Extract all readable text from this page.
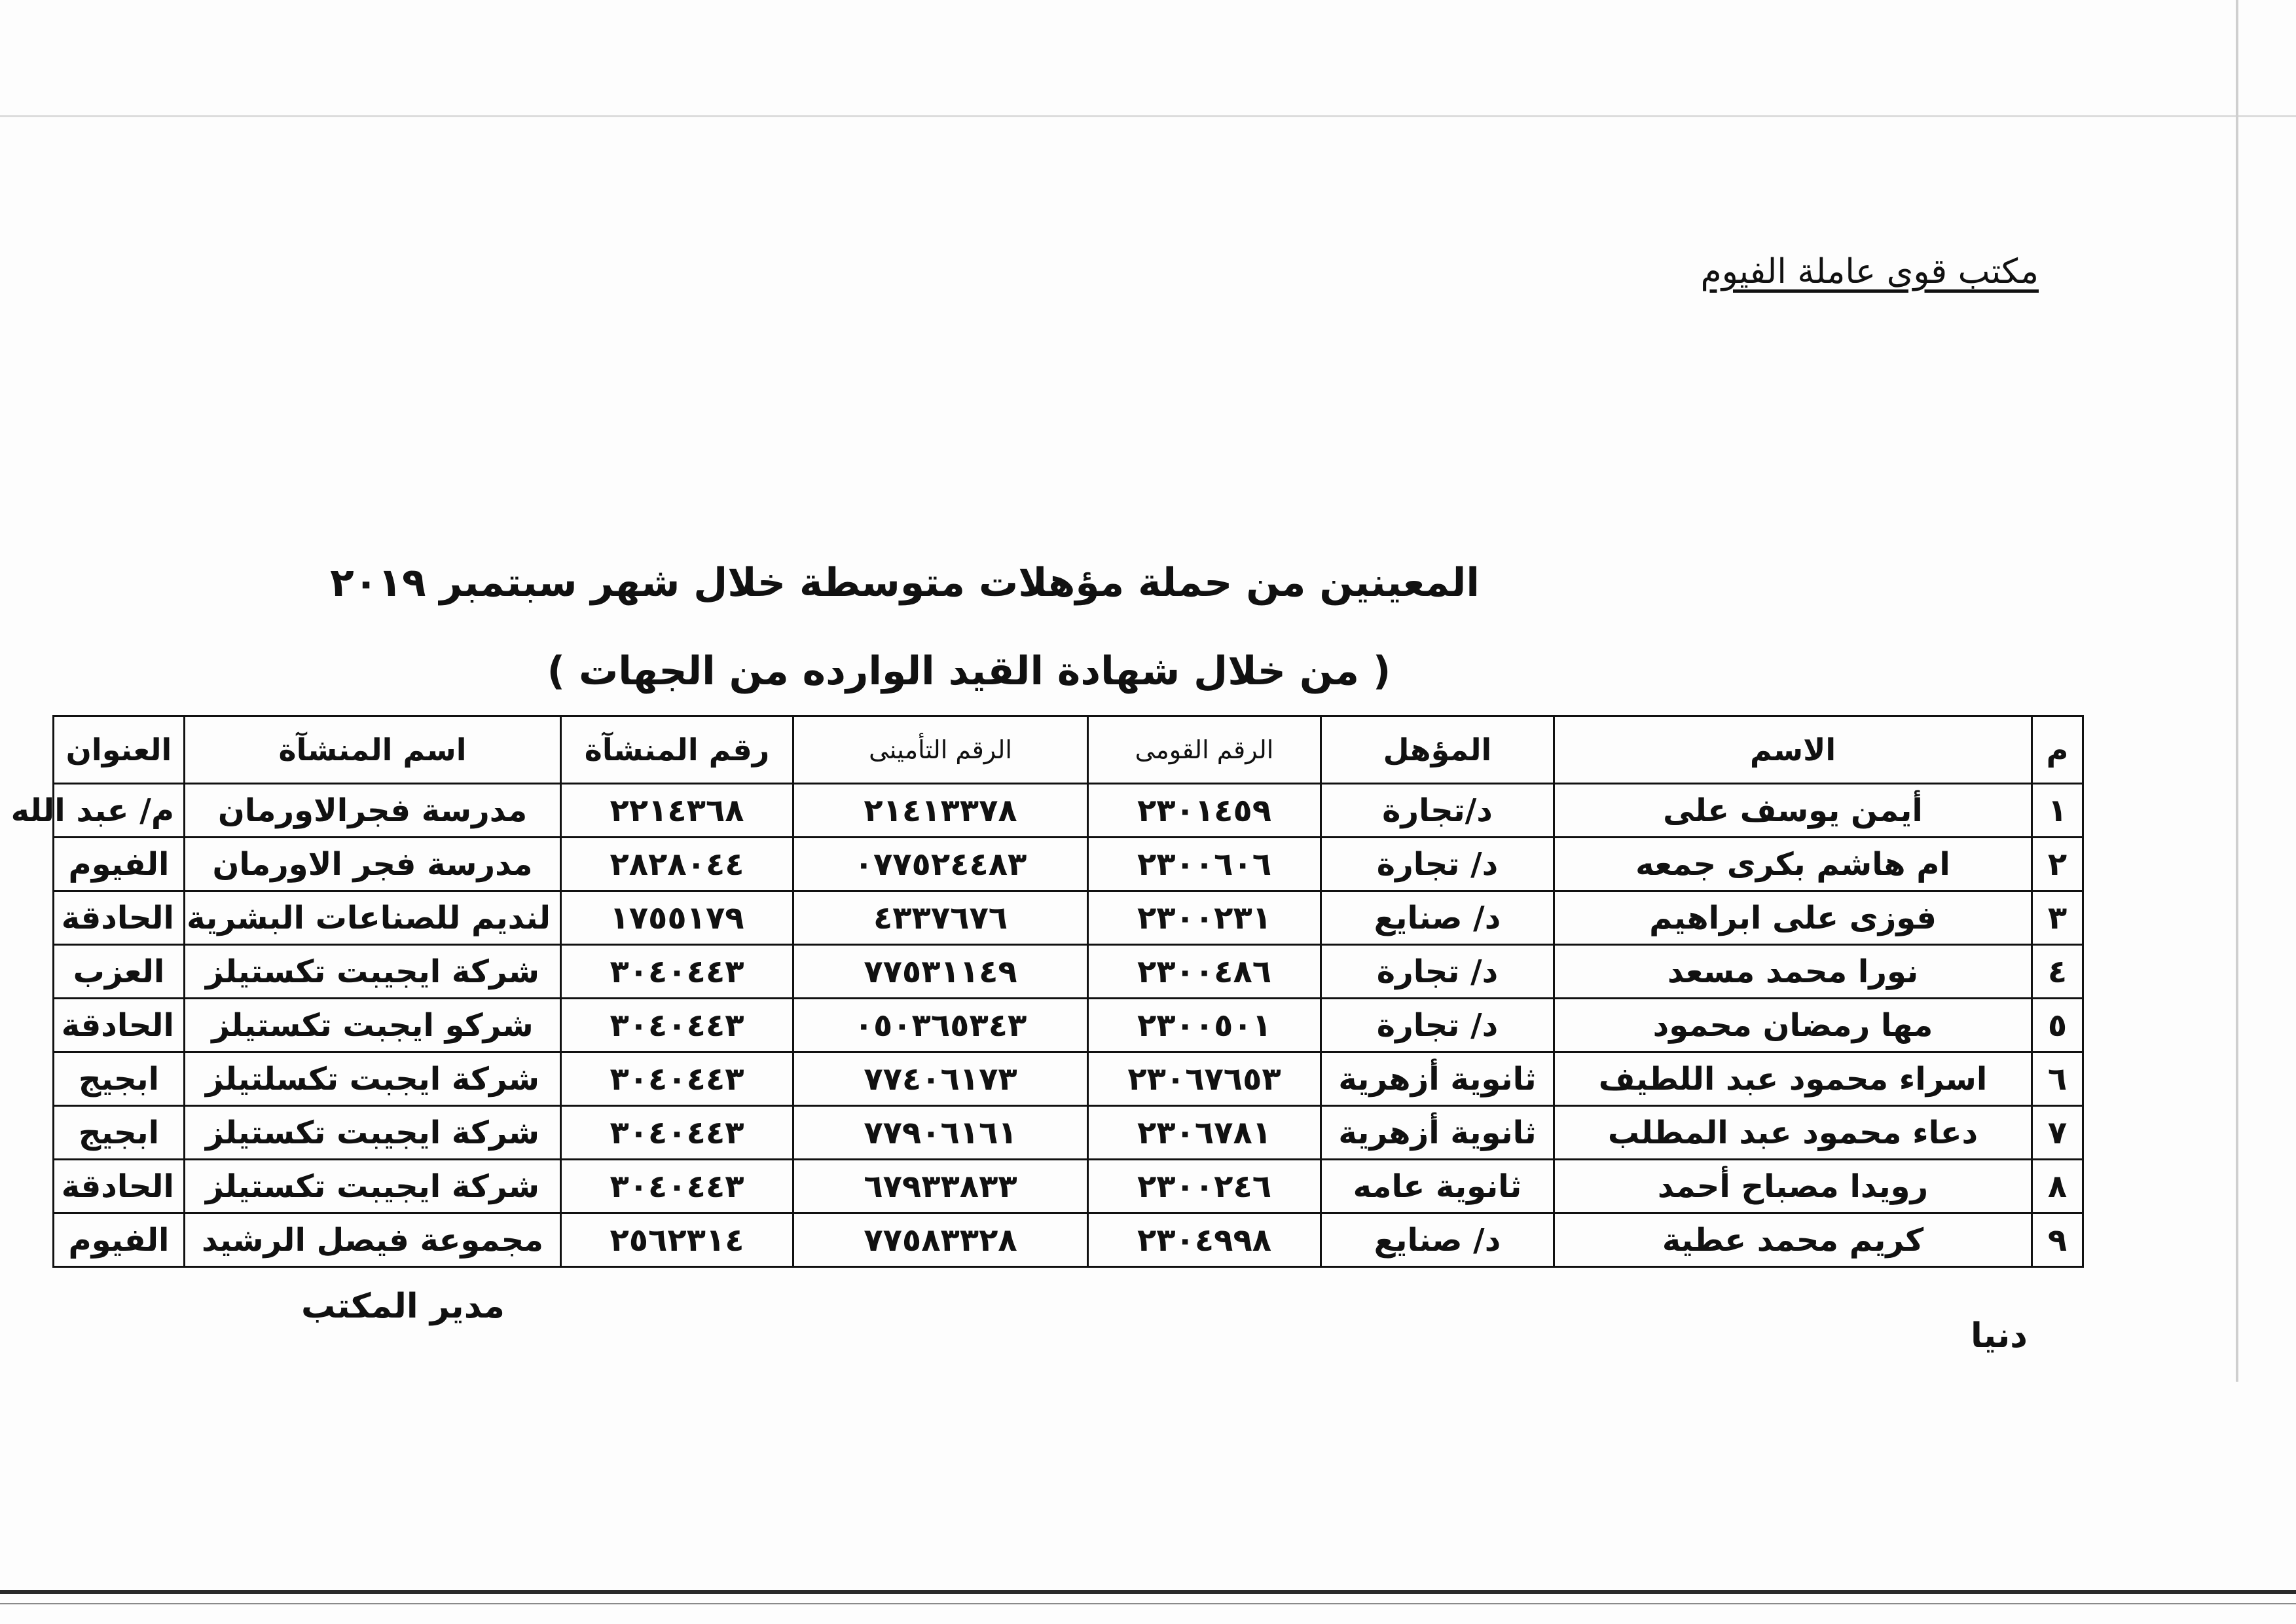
مكتب قوى عاملة الفيوم
المعينين من حملة مؤهلات متوسطة خلال شهر سبتمبر ٢٠١٩
( من خلال شهادة القيد الوارده من الجهات )
م	الاسم	المؤهل	الرقم القومى	الرقم التأمينى	رقم المنشآة	اسم المنشآة	العنوان
١	أيمن يوسف على	د/تجارة	٢٣٠١٤٥٩	٢١٤١٣٣٧٨	٢٢١٤٣٦٨	مدرسة فجرالاورمان	م/ عبد الله
٢	ام هاشم بكرى جمعه	د/ تجارة	٢٣٠٠٦٠٦	٠٧٧٥٢٤٤٨٣	٢٨٢٨٠٤٤	مدرسة فجر الاورمان	الفيوم
٣	فوزى على ابراهيم	د/ صنايع	٢٣٠٠٢٣١	٤٣٣٧٦٧٦	١٧٥٥١٧٩	لنديم للصناعات البشرية	الحادقة
٤	نورا محمد مسعد	د/ تجارة	٢٣٠٠٤٨٦	٧٧٥٣١١٤٩	٣٠٤٠٤٤٣	شركة ايجيبت تكستيلز	العزب
٥	مها رمضان محمود	د/ تجارة	٢٣٠٠٥٠١	٠٥٠٣٦٥٣٤٣	٣٠٤٠٤٤٣	شركو ايجبت تكستيلز	الحادقة
٦	اسراء محمود عبد اللطيف	ثانوية أزهرية	٢٣٠٦٧٦٥٣	٧٧٤٠٦١٧٣	٣٠٤٠٤٤٣	شركة ايجبت تكسلتيلز	ابجيج
٧	دعاء محمود عبد المطلب	ثانوية أزهرية	٢٣٠٦٧٨١	٧٧٩٠٦١٦١	٣٠٤٠٤٤٣	شركة ايجيبت تكستيلز	ابجيج
٨	رويدا مصباح أحمد	ثانوية عامه	٢٣٠٠٢٤٦	٦٧٩٣٣٨٣٣	٣٠٤٠٤٤٣	شركة ايجيبت تكستيلز	الحادقة
٩	كريم محمد عطية	د/ صنايع	٢٣٠٤٩٩٨	٧٧٥٨٣٣٢٨	٢٥٦٢٣١٤	مجموعة فيصل الرشيد	الفيوم
مدير المكتب
دنيا
